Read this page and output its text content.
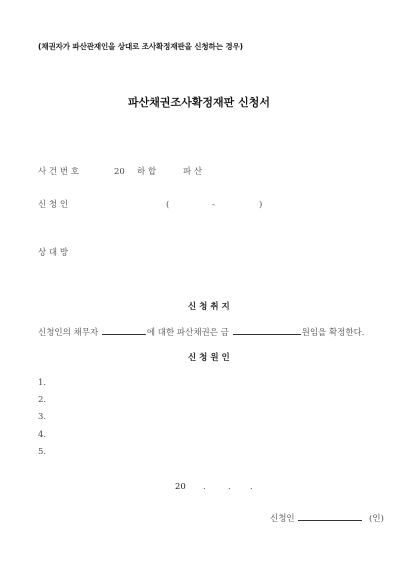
(채권자가 파산관재인을 상대로 조사확정재판을 신청하는 경우)
파산채권조사확정재판 신청서
사 건 번 호	20 하 합	파 산
신 청 인	(	-	)
상 대 방
신 청 취 지
신청인의 채무자	에 대한 파산채권은 금	원임을 확정한다.
신 청 원 인
1.
2.
3.
4.
5.
20 .	. .
신청인	(인)
